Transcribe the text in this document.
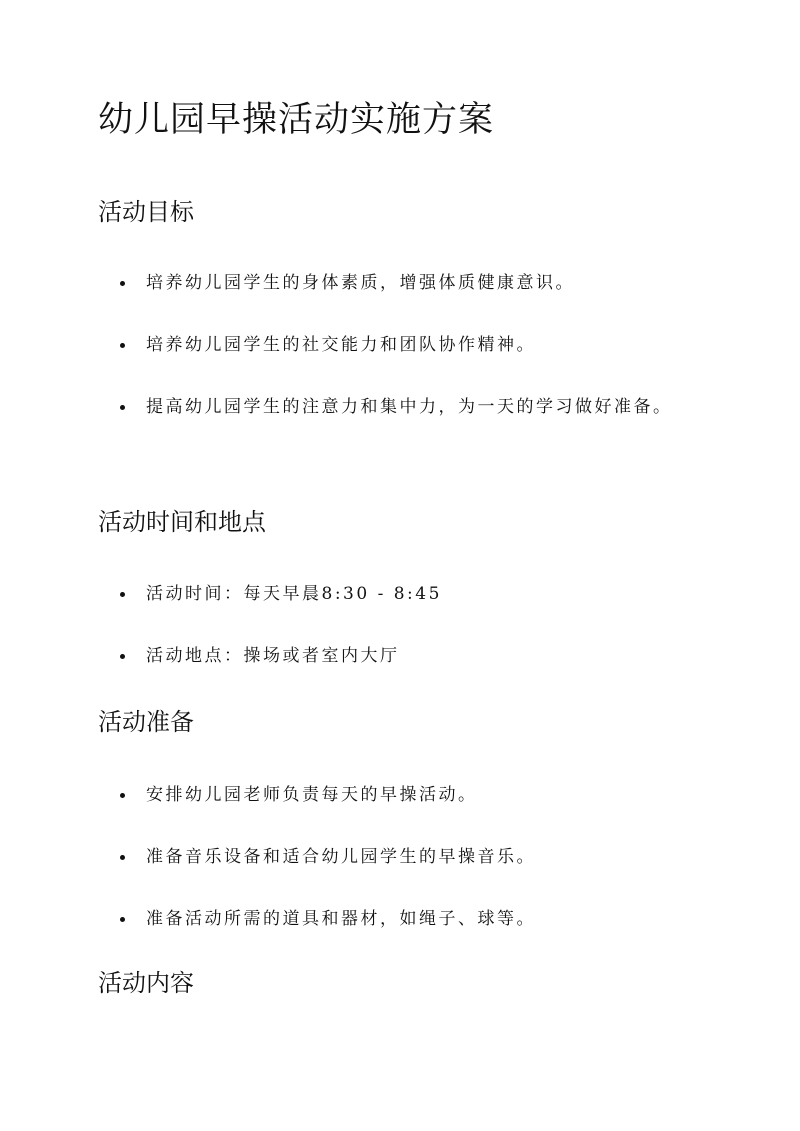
幼儿园早操活动实施方案
活动目标
培养幼儿园学生的身体素质，增强体质健康意识。
培养幼儿园学生的社交能力和团队协作精神。
提高幼儿园学生的注意力和集中力，为一天的学习做好准备。
活动时间和地点
活动时间：每天早晨8:30 - 8:45
活动地点：操场或者室内大厅
活动准备
安排幼儿园老师负责每天的早操活动。
准备音乐设备和适合幼儿园学生的早操音乐。
准备活动所需的道具和器材，如绳子、球等。
活动内容
